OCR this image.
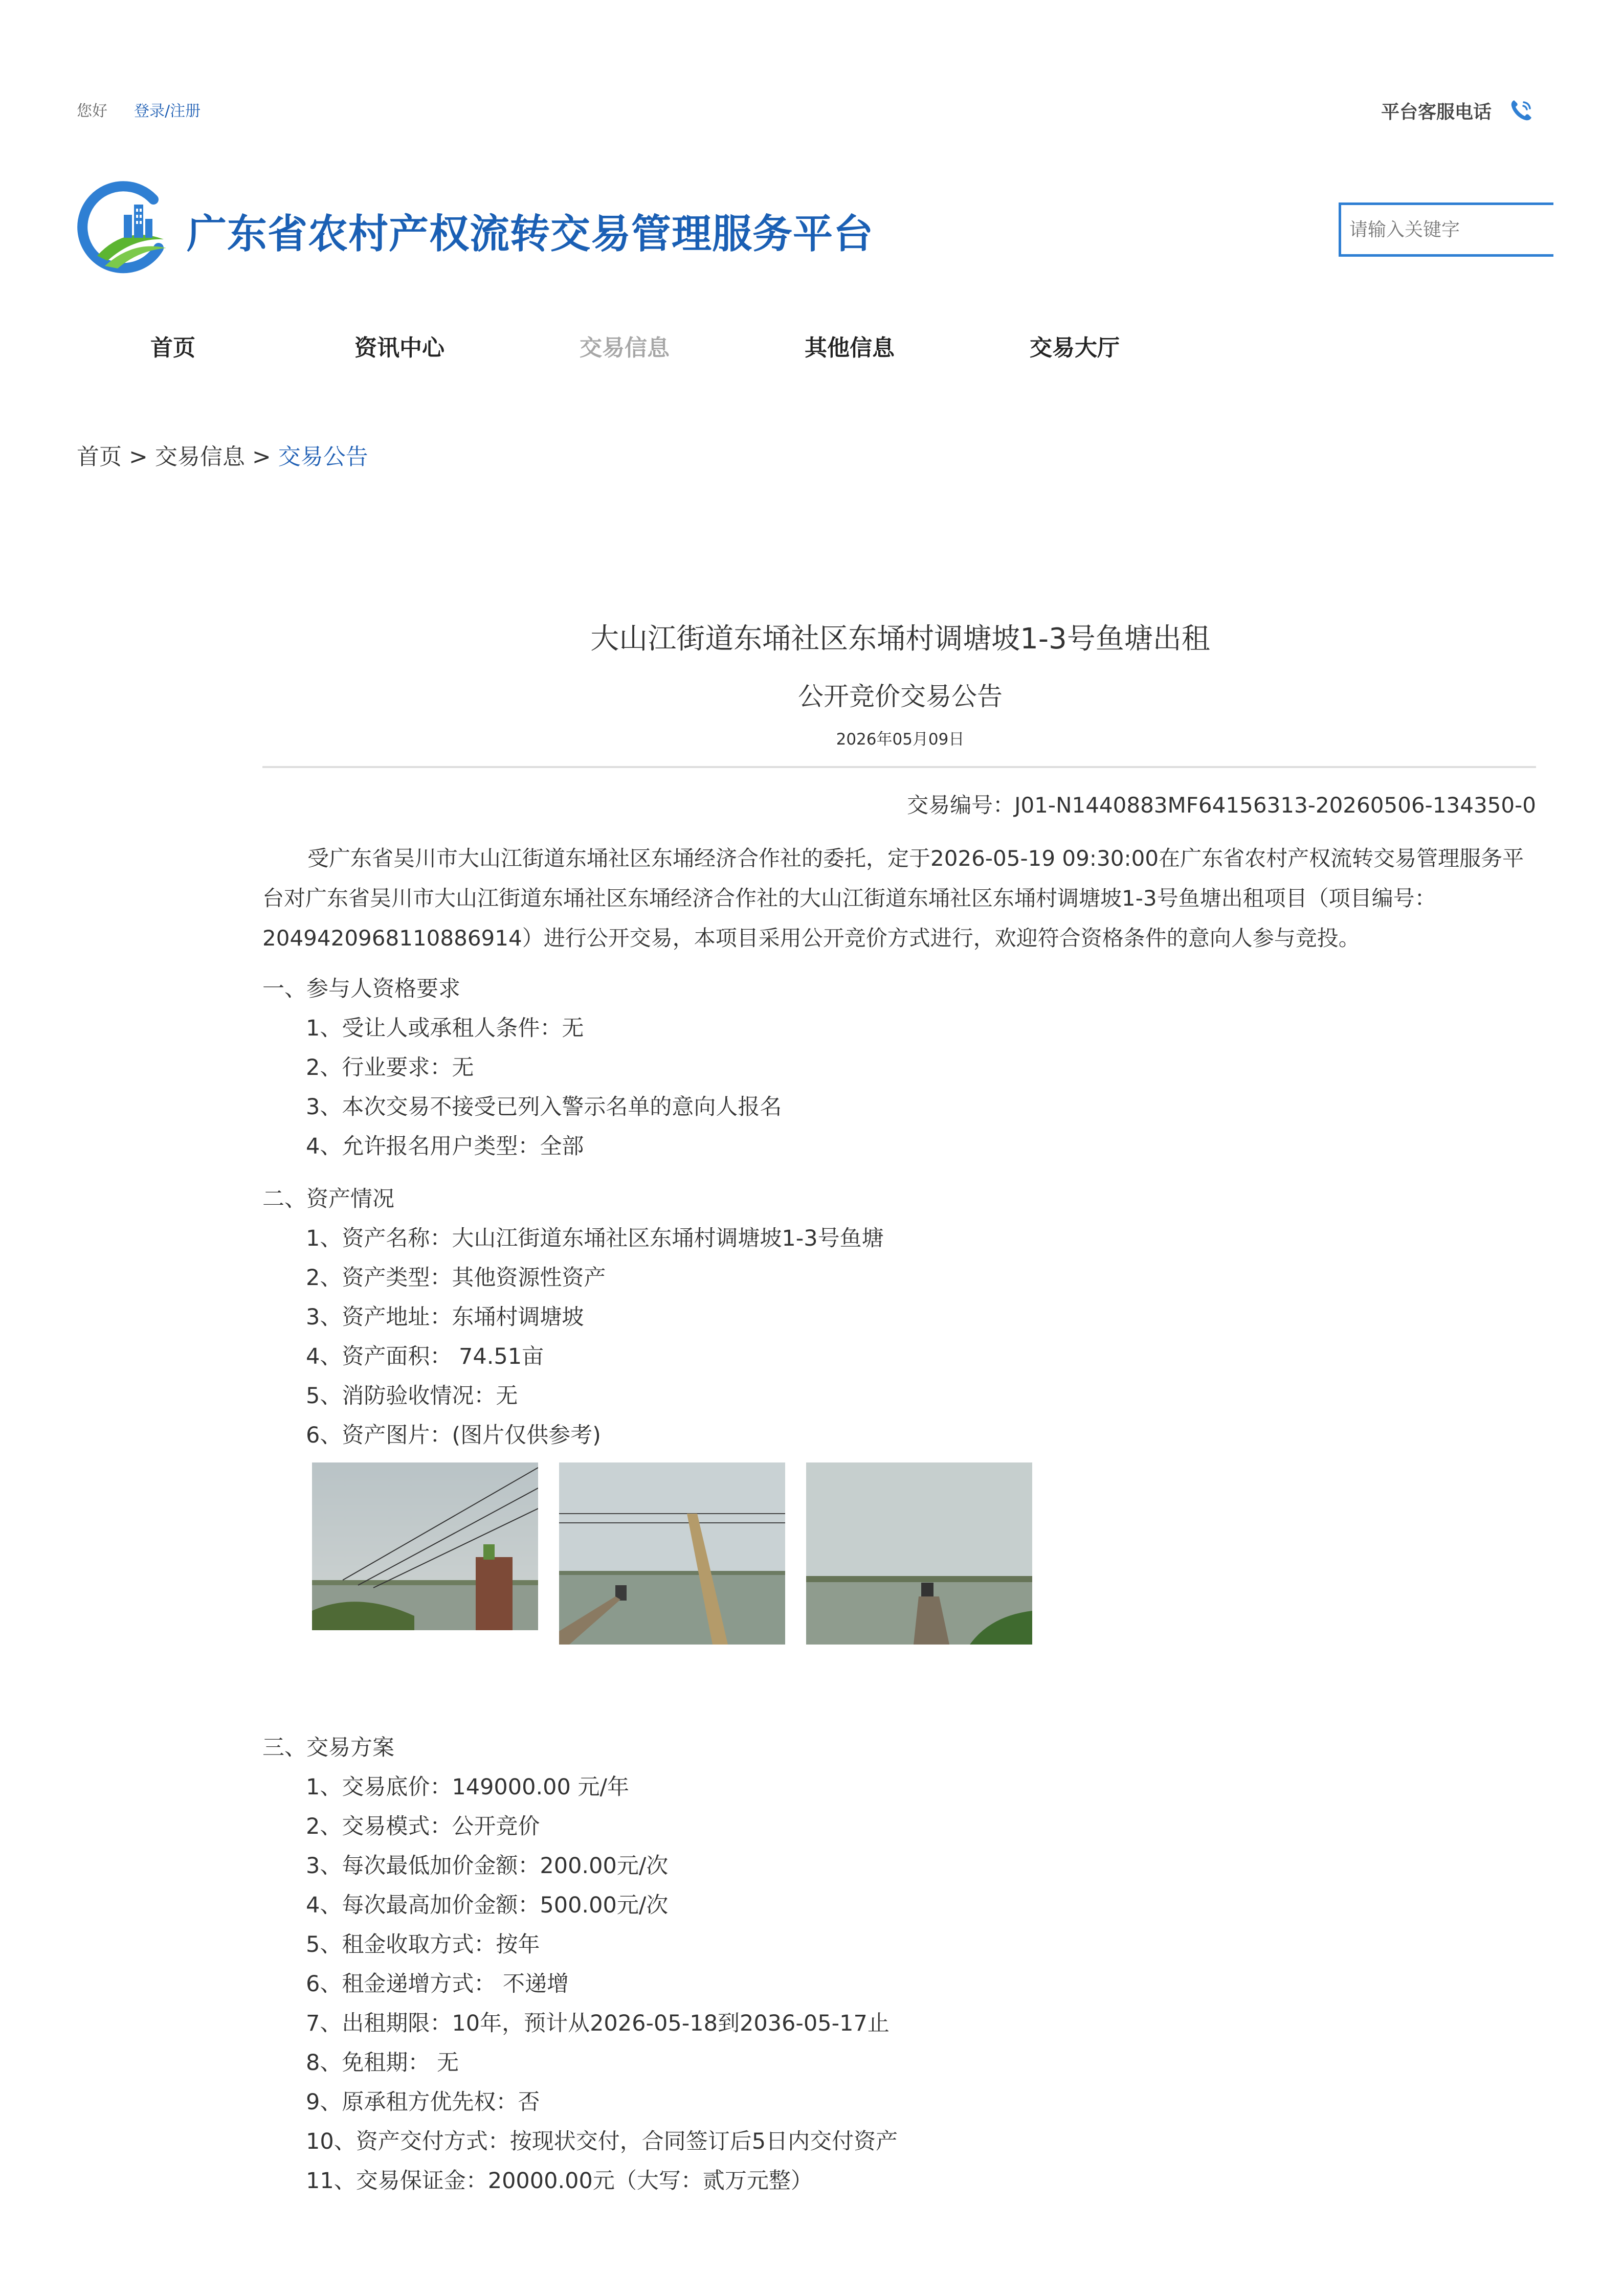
您好 登录/注册	平台客服电话
广东省农村产权流转交易管理服务平台
请输入关键字
首页	资讯中心	交易信息	其他信息	交易大厅
首页 > 交易信息 > 交易公告
大山江街道东埇社区东埇村调塘坡1-3号鱼塘出租
公开竞价交易公告
2026年05月09日
交易编号：J01-N1440883MF64156313-20260506-134350-0
受广东省吴川市大山江街道东埇社区东埇经济合作社的委托，定于2026-05-19 09:30:00在广东省农村产权流转交易管理服务平台对广东省吴川市大山江街道东埇社区东埇经济合作社的大山江街道东埇社区东埇村调塘坡1-3号鱼塘出租项目（项目编号：2049420968110886914）进行公开交易，本项目采用公开竞价方式进行，欢迎符合资格条件的意向人参与竞投。
一、参与人资格要求
1、受让人或承租人条件：无
2、行业要求：无
3、本次交易不接受已列入警示名单的意向人报名
4、允许报名用户类型：全部
二、资产情况
1、资产名称：大山江街道东埇社区东埇村调塘坡1-3号鱼塘
2、资产类型：其他资源性资产
3、资产地址：东埇村调塘坡
4、资产面积： 74.51亩
5、消防验收情况：无
6、资产图片：(图片仅供参考)
三、交易方案
1、交易底价：149000.00 元/年
2、交易模式：公开竞价
3、每次最低加价金额：200.00元/次
4、每次最高加价金额：500.00元/次
5、租金收取方式：按年
6、租金递增方式： 不递增
7、出租期限：10年，预计从2026-05-18到2036-05-17止
8、免租期： 无
9、原承租方优先权：否
10、资产交付方式：按现状交付，合同签订后5日内交付资产
11、交易保证金：20000.00元（大写：贰万元整）
